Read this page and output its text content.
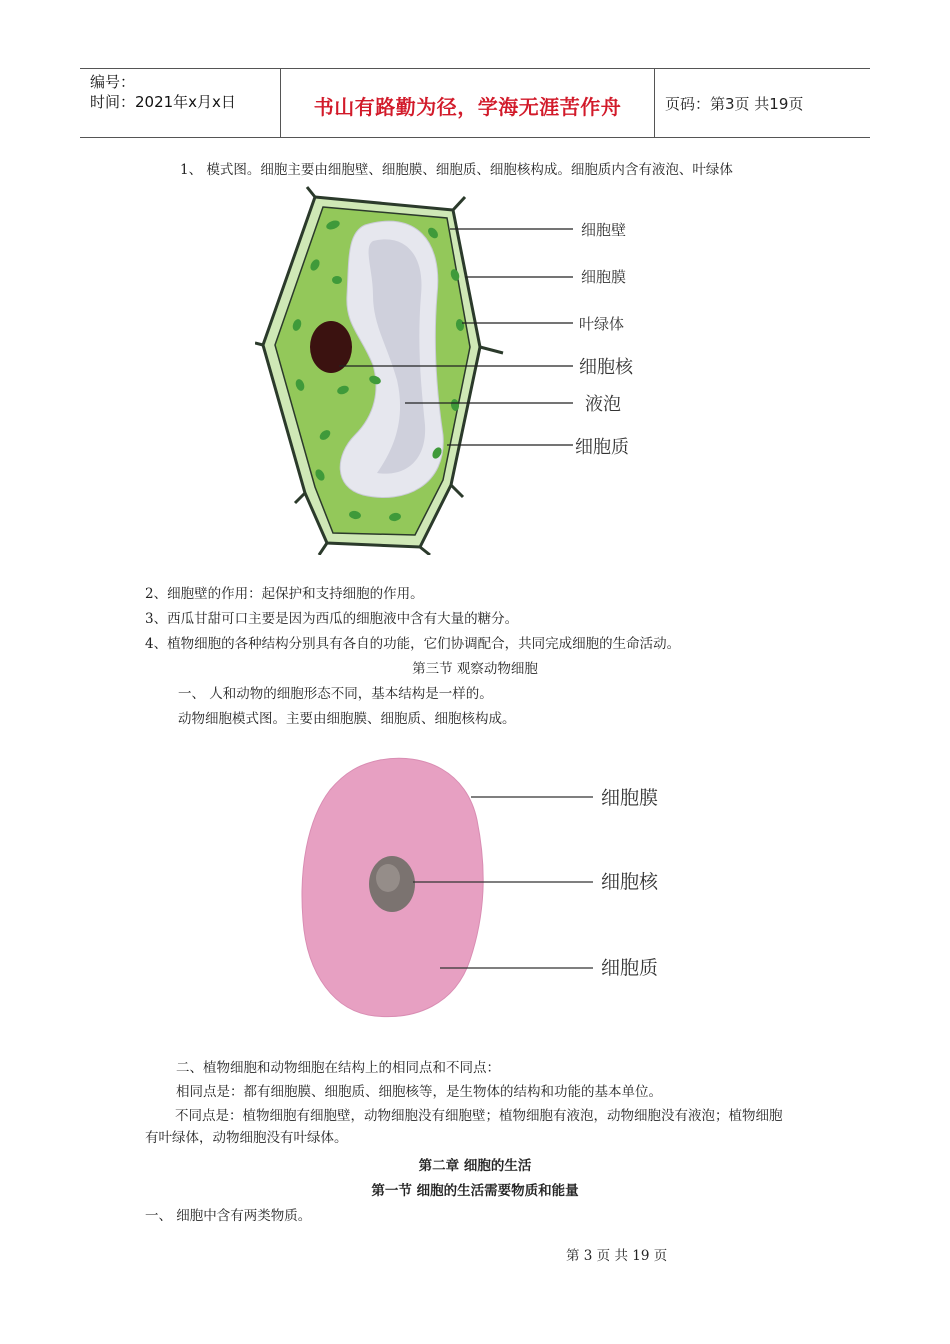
编号：
时间：2021年x月x日	书山有路勤为径，学海无涯苦作舟	页码：第3页 共19页
1、 模式图。细胞主要由细胞壁、细胞膜、细胞质、细胞核构成。细胞质内含有液泡、叶绿体
细胞壁
细胞膜
叶绿体
细胞核
液泡
细胞质
2、细胞壁的作用：起保护和支持细胞的作用。
3、西瓜甘甜可口主要是因为西瓜的细胞液中含有大量的糖分。
4、植物细胞的各种结构分别具有各自的功能，它们协调配合，共同完成细胞的生命活动。
第三节 观察动物细胞
一、 人和动物的细胞形态不同，基本结构是一样的。
动物细胞模式图。主要由细胞膜、细胞质、细胞核构成。
细胞膜
细胞核
细胞质
二、植物细胞和动物细胞在结构上的相同点和不同点：
相同点是：都有细胞膜、细胞质、细胞核等，是生物体的结构和功能的基本单位。
不同点是：植物细胞有细胞壁，动物细胞没有细胞壁；植物细胞有液泡，动物细胞没有液泡；植物细胞有叶绿体，动物细胞没有叶绿体。
第二章 细胞的生活
第一节 细胞的生活需要物质和能量
一、 细胞中含有两类物质。
第 3 页 共 19 页
